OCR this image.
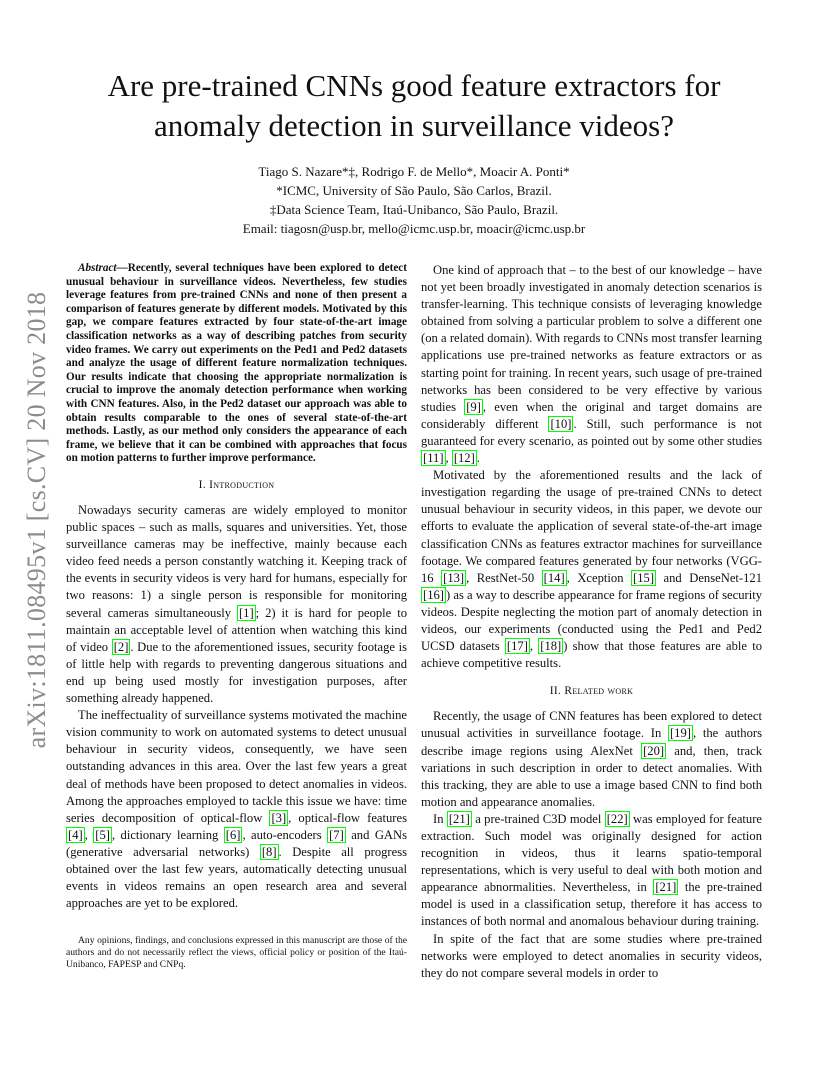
arXiv:1811.08495v1 [cs.CV] 20 Nov 2018
Are pre-trained CNNs good feature extractors for anomaly detection in surveillance videos?
Tiago S. Nazare*‡, Rodrigo F. de Mello*, Moacir A. Ponti*
*ICMC, University of São Paulo, São Carlos, Brazil.
‡Data Science Team, Itaú-Unibanco, São Paulo, Brazil.
Email: tiagosn@usp.br, mello@icmc.usp.br, moacir@icmc.usp.br

Abstract—Recently, several techniques have been explored to detect unusual behaviour in surveillance videos. Nevertheless, few studies leverage features from pre-trained CNNs and none of then present a comparison of features generate by different models. Motivated by this gap, we compare features extracted by four state-of-the-art image classification networks as a way of describing patches from security video frames. We carry out experiments on the Ped1 and Ped2 datasets and analyze the usage of different feature normalization techniques. Our results indicate that choosing the appropriate normalization is crucial to improve the anomaly detection performance when working with CNN features. Also, in the Ped2 dataset our approach was able to obtain results comparable to the ones of several state-of-the-art methods. Lastly, as our method only considers the appearance of each frame, we believe that it can be combined with approaches that focus on motion patterns to further improve performance.

I. Introduction

Nowadays security cameras are widely employed to monitor public spaces – such as malls, squares and universities. Yet, those surveillance cameras may be ineffective, mainly because each video feed needs a person constantly watching it. Keeping track of the events in security videos is very hard for humans, especially for two reasons: 1) a single person is responsible for monitoring several cameras simultaneously [1] ; 2) it is hard for people to maintain an acceptable level of attention when watching this kind of video [2] . Due to the aforementioned issues, security footage is of little help with regards to preventing dangerous situations and end up being used mostly for investigation purposes, after something already happened.

The ineffectuality of surveillance systems motivated the machine vision community to work on automated systems to detect unusual behaviour in security videos, consequently, we have seen outstanding advances in this area. Over the last few years a great deal of methods have been proposed to detect anomalies in videos. Among the approaches employed to tackle this issue we have: time series decomposition of optical-flow [3] , optical-flow features [4] , [5] , dictionary learning [6] , auto-encoders [7] and GANs (generative adversarial networks) [8] . Despite all progress obtained over the last few years, automatically detecting unusual events in videos remains an open research area and several approaches are yet to be explored.

Any opinions, findings, and conclusions expressed in this manuscript are those of the authors and do not necessarily reflect the views, official policy or position of the Itaú-Unibanco, FAPESP and CNPq.

One kind of approach that – to the best of our knowledge – have not yet been broadly investigated in anomaly detection scenarios is transfer-learning. This technique consists of leveraging knowledge obtained from solving a particular problem to solve a different one (on a related domain). With regards to CNNs most transfer learning applications use pre-trained networks as feature extractors or as starting point for training. In recent years, such usage of pre-trained networks has been considered to be very effective by various studies [9] , even when the original and target domains are considerably different [10] . Still, such performance is not guaranteed for every scenario, as pointed out by some other studies [11] , [12] .

Motivated by the aforementioned results and the lack of investigation regarding the usage of pre-trained CNNs to detect unusual behaviour in security videos, in this paper, we devote our efforts to evaluate the application of several state-of-the-art image classification CNNs as features extractor machines for surveillance footage. We compared features generated by four networks (VGG-16 [13] , RestNet-50 [14] , Xception [15] and DenseNet-121 [16] ) as a way to describe appearance for frame regions of security videos. Despite neglecting the motion part of anomaly detection in videos, our experiments (conducted using the Ped1 and Ped2 UCSD datasets [17] , [18] ) show that those features are able to achieve competitive results.

II. Related work

Recently, the usage of CNN features has been explored to detect unusual activities in surveillance footage. In [19] , the authors describe image regions using AlexNet [20] and, then, track variations in such description in order to detect anomalies. With this tracking, they are able to use a image based CNN to find both motion and appearance anomalies.

In [21] a pre-trained C3D model [22] was employed for feature extraction. Such model was originally designed for action recognition in videos, thus it learns spatio-temporal representations, which is very useful to deal with both motion and appearance abnormalities. Nevertheless, in [21] the pre-trained model is used in a classification setup, therefore it has access to instances of both normal and anomalous behaviour during training.

In spite of the fact that are some studies where pre-trained networks were employed to detect anomalies in security videos, they do not compare several models in order to
